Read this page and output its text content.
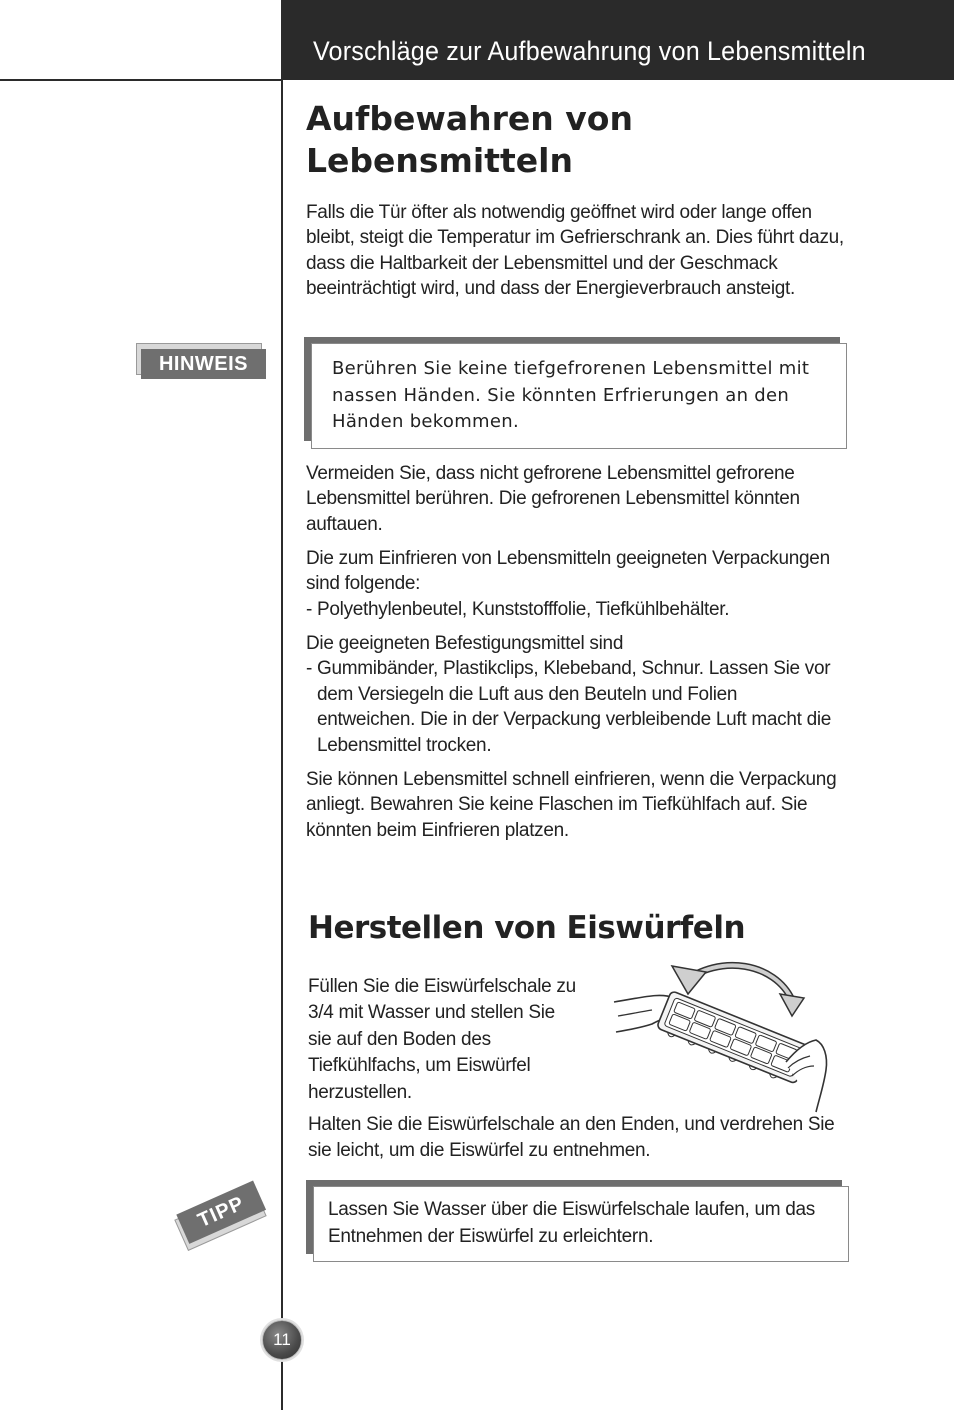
Vorschläge zur Aufbewahrung von Lebensmitteln
Aufbewahren von Lebensmitteln

Falls die Tür öfter als notwendig geöffnet wird oder lange offen bleibt, steigt die Temperatur im Gefrierschrank an. Dies führt dazu, dass die Haltbarkeit der Lebensmittel und der Geschmack beeinträchtigt wird, und dass der Energieverbrauch ansteigt.

HINWEIS	Berühren Sie keine tiefgefrorenen Lebensmittel mit nassen Händen. Sie könnten Erfrierungen an den Händen bekommen.

Vermeiden Sie, dass nicht gefrorene Lebensmittel gefrorene Lebensmittel berühren. Die gefrorenen Lebensmittel könnten auftauen.

Die zum Einfrieren von Lebensmitteln geeigneten Verpackungen sind folgende:
- Polyethylenbeutel, Kunststofffolie, Tiefkühlbehälter.
Die geeigneten Befestigungsmittel sind
- Gummibänder, Plastikclips, Klebeband, Schnur. Lassen Sie vor
dem Versiegeln die Luft aus den Beuteln und Folien entweichen. Die in der Verpackung verbleibende Luft macht die Lebensmittel trocken.

Sie können Lebensmittel schnell einfrieren, wenn die Verpackung anliegt. Bewahren Sie keine Flaschen im Tiefkühlfach auf. Sie könnten beim Einfrieren platzen.

Herstellen von Eiswürfeln

Füllen Sie die Eiswürfelschale zu 3/4 mit Wasser und stellen Sie sie auf den Boden des Tiefkühlfachs, um Eiswürfel herzustellen.

Halten Sie die Eiswürfelschale an den Enden, und verdrehen Sie sie leicht, um die Eiswürfel zu entnehmen.

TIPP	Lassen Sie Wasser über die Eiswürfelschale laufen, um das Entnehmen der Eiswürfel zu erleichtern.
11
